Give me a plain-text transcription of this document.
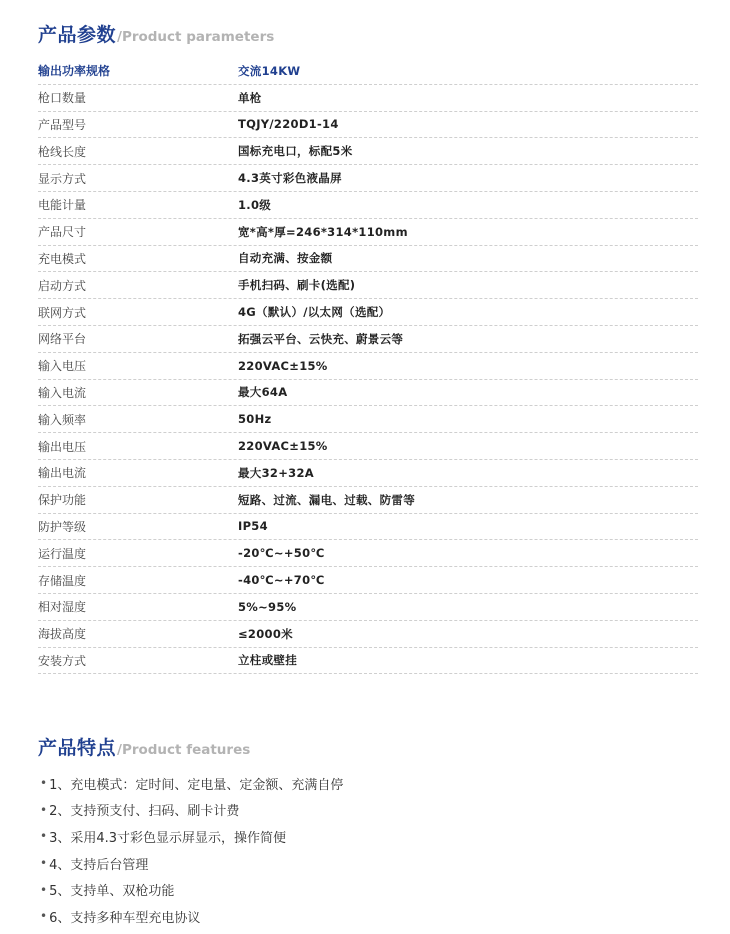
产品参数 /Product parameters
输出功率规格	交流14KW
枪口数量	单枪
产品型号	TQJY/220D1-14
枪线长度	国标充电口，标配5米
显示方式	4.3英寸彩色液晶屏
电能计量	1.0级
产品尺寸	宽*高*厚=246*314*110mm
充电模式	自动充满、按金额
启动方式	手机扫码、刷卡(选配)
联网方式	4G（默认）/以太网（选配）
网络平台	拓强云平台、云快充、蔚景云等
输入电压	220VAC±15%
输入电流	最大64A
输入频率	50Hz
输出电压	220VAC±15%
输出电流	最大32+32A
保护功能	短路、过流、漏电、过载、防雷等
防护等级	IP54
运行温度	-20℃~+50℃
存储温度	-40℃~+70℃
相对湿度	5%~95%
海拔高度	≤2000米
安装方式	立柱或壁挂
产品特点 /Product features
• 1、充电模式：定时间、定电量、定金额、充满自停
• 2、支持预支付、扫码、刷卡计费
• 3、采用4.3寸彩色显示屏显示，操作简便
• 4、支持后台管理
• 5、支持单、双枪功能
• 6、支持多种车型充电协议
